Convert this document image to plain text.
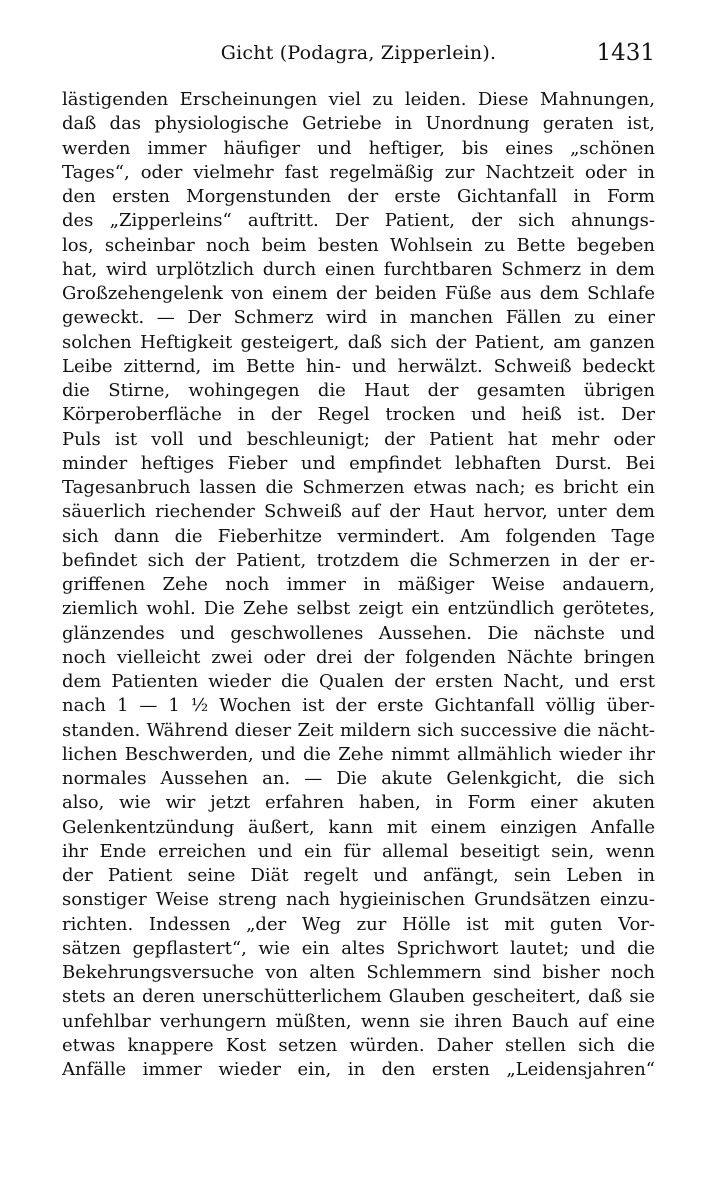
Gicht (Podagra, Zipperlein).	1431
lästigenden Erscheinungen viel zu leiden. Diese Mahnungen,
daß das physiologische Getriebe in Unordnung geraten ist,
werden immer häufiger und heftiger, bis eines „schönen
Tages“, oder vielmehr fast regelmäßig zur Nachtzeit oder in
den ersten Morgenstunden der erste Gichtanfall in Form
des „Zipperleins“ auftritt. Der Patient, der sich ahnungs-
los, scheinbar noch beim besten Wohlsein zu Bette begeben
hat, wird urplötzlich durch einen furchtbaren Schmerz in dem
Großzehengelenk von einem der beiden Füße aus dem Schlafe
geweckt. — Der Schmerz wird in manchen Fällen zu einer
solchen Heftigkeit gesteigert, daß sich der Patient, am ganzen
Leibe zitternd, im Bette hin- und herwälzt. Schweiß bedeckt
die Stirne, wohingegen die Haut der gesamten übrigen
Körperoberfläche in der Regel trocken und heiß ist. Der
Puls ist voll und beschleunigt; der Patient hat mehr oder
minder heftiges Fieber und empfindet lebhaften Durst. Bei
Tagesanbruch lassen die Schmerzen etwas nach; es bricht ein
säuerlich riechender Schweiß auf der Haut hervor, unter dem
sich dann die Fieberhitze vermindert. Am folgenden Tage
befindet sich der Patient, trotzdem die Schmerzen in der er-
griffenen Zehe noch immer in mäßiger Weise andauern,
ziemlich wohl. Die Zehe selbst zeigt ein entzündlich gerötetes,
glänzendes und geschwollenes Aussehen. Die nächste und
noch vielleicht zwei oder drei der folgenden Nächte bringen
dem Patienten wieder die Qualen der ersten Nacht, und erst
nach 1 — 1 ½ Wochen ist der erste Gichtanfall völlig über-
standen. Während dieser Zeit mildern sich successive die nächt-
lichen Beschwerden, und die Zehe nimmt allmählich wieder ihr
normales Aussehen an. — Die akute Gelenkgicht, die sich
also, wie wir jetzt erfahren haben, in Form einer akuten
Gelenkentzündung äußert, kann mit einem einzigen Anfalle
ihr Ende erreichen und ein für allemal beseitigt sein, wenn
der Patient seine Diät regelt und anfängt, sein Leben in
sonstiger Weise streng nach hygieinischen Grundsätzen einzu-
richten. Indessen „der Weg zur Hölle ist mit guten Vor-
sätzen gepflastert“, wie ein altes Sprichwort lautet; und die
Bekehrungsversuche von alten Schlemmern sind bisher noch
stets an deren unerschütterlichem Glauben gescheitert, daß sie
unfehlbar verhungern müßten, wenn sie ihren Bauch auf eine
etwas knappere Kost setzen würden. Daher stellen sich die
Anfälle immer wieder ein, in den ersten „Leidensjahren“
